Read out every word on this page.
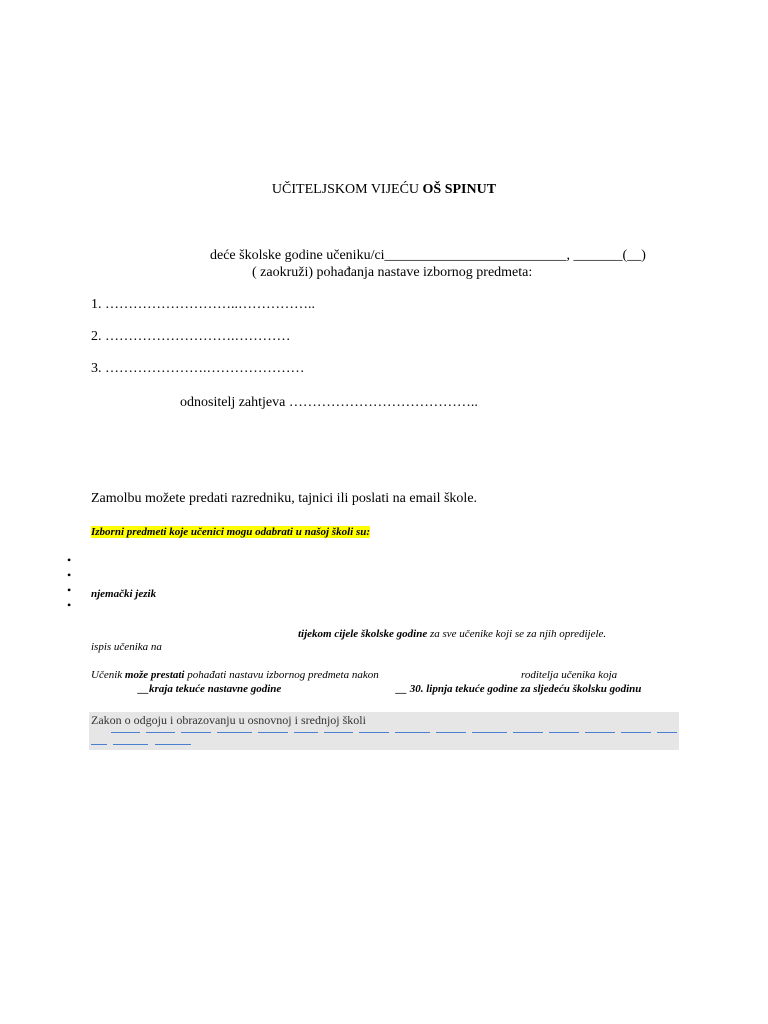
UČITELJSKOM VIJEĆU OŠ SPINUT
deće školske godine učeniku/ci__________________________, _______(__)
( zaokruži) pohađanja nastave izbornog predmeta:
1. ………………………..……………..
2. ……………………….…………
3. ………………….…………………
odnositelj zahtjeva …………………………………..
Zamolbu možete predati razredniku, tajnici ili poslati na email škole.
Izborni predmeti koje učenici mogu odabrati u našoj školi su:
•
•
• njemački jezik
•
tijekom cijele školske godine za sve učenike koji se za njih opredijele.
ispis učenika na
Učenik može prestati pohađati nastavu izbornog predmeta nakon	roditelja učenika koja
__kraja tekuće nastavne godine	__ 30. lipnja tekuće godine za sljedeću školsku godinu
Zakon o odgoju i obrazovanju u osnovnoj i srednjoj školi
